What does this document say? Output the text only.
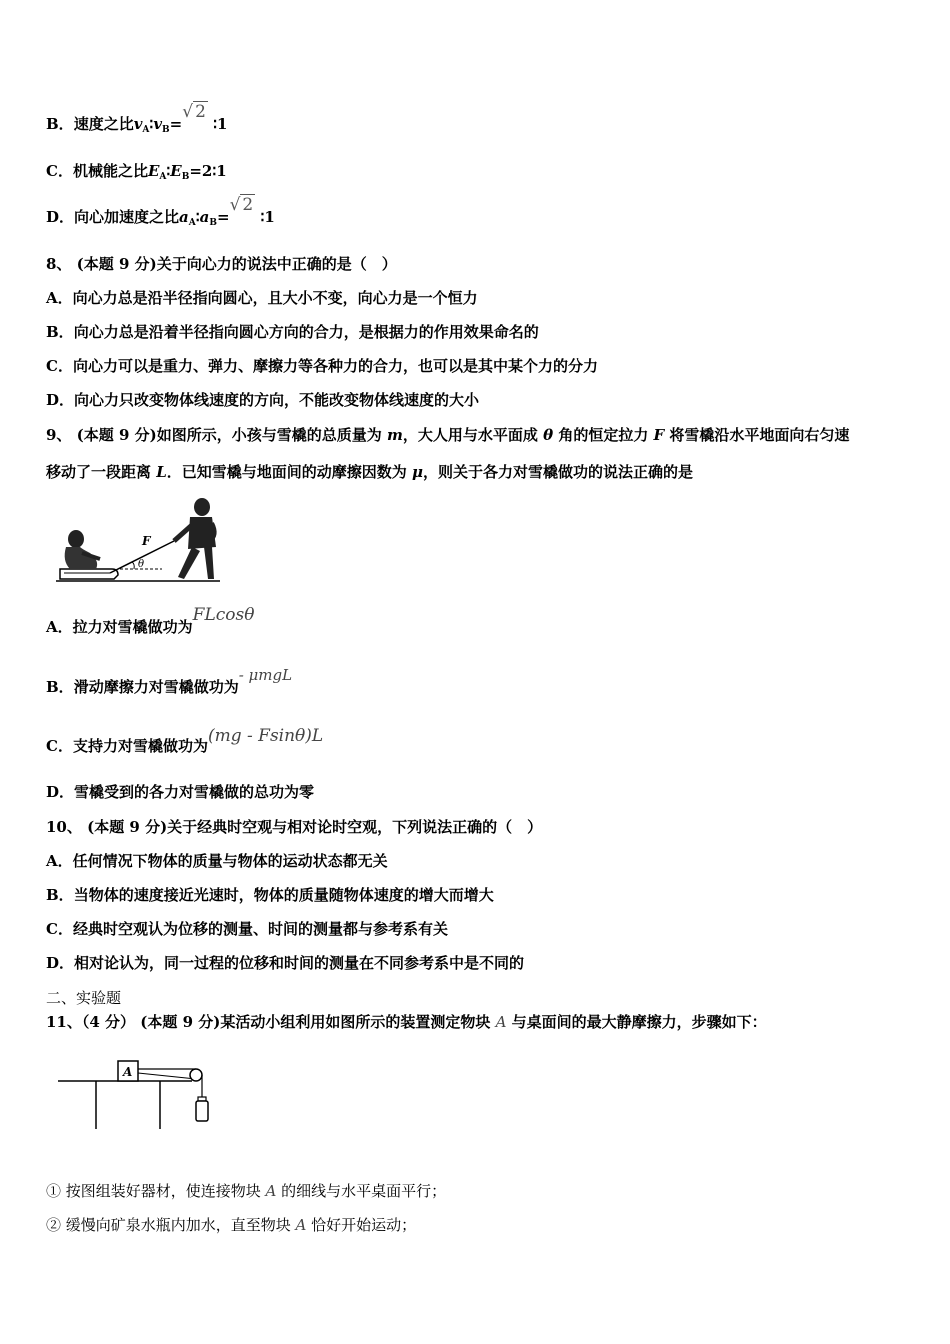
B．速度之比$v_A∶v_B=√$ 2 ∶1
C．机械能之比$E_A∶E_B=2∶1$
D．向心加速度之比$a_A∶a_B=√$ 2 ∶1
8、 (本题 9 分)关于向心力的说法中正确的是（　）
A．向心力总是沿半径指向圆心，且大小不变，向心力是一个恒力
B．向心力总是沿着半径指向圆心方向的合力，是根据力的作用效果命名的
C．向心力可以是重力、弹力、摩擦力等各种力的合力，也可以是其中某个力的分力
D．向心力只改变物体线速度的方向，不能改变物体线速度的大小
9、 (本题 9 分)如图所示，小孩与雪橇的总质量为 m，大人用与水平面成 θ 角的恒定拉力 F 将雪橇沿水平地面向右匀速
移动了一段距离 L．已知雪橇与地面间的动摩擦因数为 μ，则关于各力对雪橇做功的说法正确的是
F
θ
A．拉力对雪橇做功为FLcosθ
B．滑动摩擦力对雪橇做功为- μmgL
C．支持力对雪橇做功为(mg - Fsinθ)L
D．雪橇受到的各力对雪橇做的总功为零
10、 (本题 9 分)关于经典时空观与相对论时空观，下列说法正确的（　）
A．任何情况下物体的质量与物体的运动状态都无关
B．当物体的速度接近光速时，物体的质量随物体速度的增大而增大
C．经典时空观认为位移的测量、时间的测量都与参考系有关
D．相对论认为，同一过程的位移和时间的测量在不同参考系中是不同的
二、实验题
11、（4 分） (本题 9 分)某活动小组利用如图所示的装置测定物块 A 与桌面间的最大静摩擦力，步骤如下：
A
① 按图组装好器材，使连接物块 A 的细线与水平桌面平行；
② 缓慢向矿泉水瓶内加水，直至物块 A 恰好开始运动；
